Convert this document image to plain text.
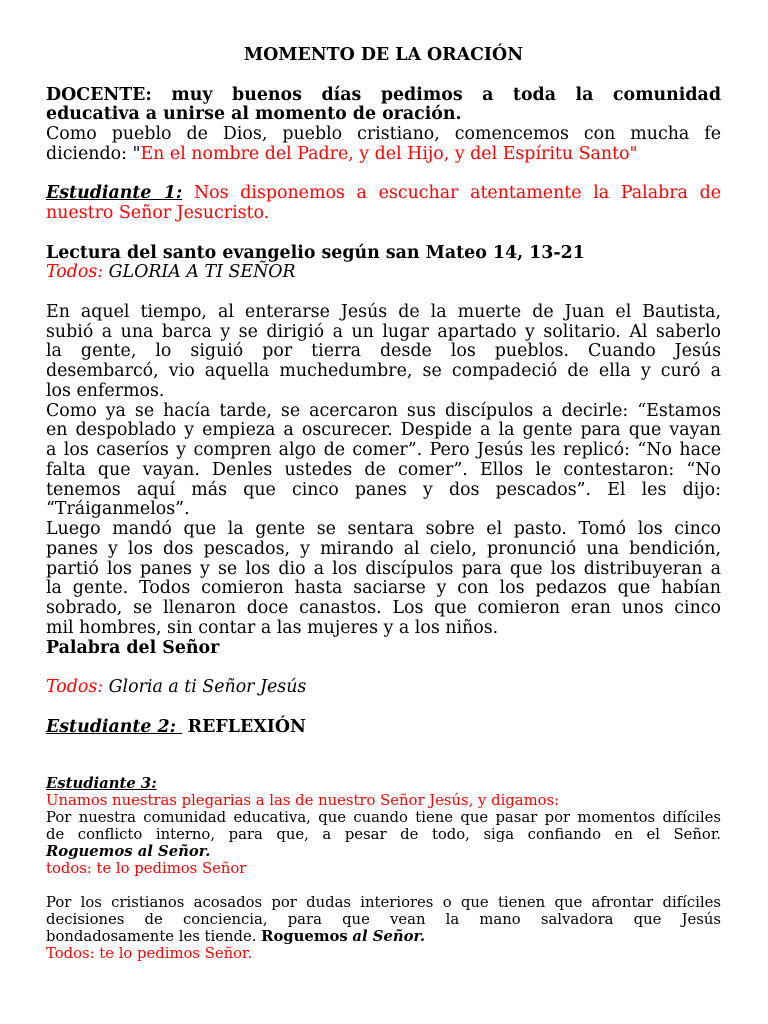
MOMENTO DE LA ORACIÓN
DOCENTE: muy buenos días pedimos a toda la comunidad
educativa a unirse al momento de oración.
Como pueblo de Dios, pueblo cristiano, comencemos con mucha fe
diciendo: "En el nombre del Padre, y del Hijo, y del Espíritu Santo"
Estudiante 1: Nos disponemos a escuchar atentamente la Palabra de
nuestro Señor Jesucristo.
Lectura del santo evangelio según san Mateo 14, 13-21
Todos: GLORIA A TI SEÑOR
En aquel tiempo, al enterarse Jesús de la muerte de Juan el Bautista,
subió a una barca y se dirigió a un lugar apartado y solitario. Al saberlo
la gente, lo siguió por tierra desde los pueblos. Cuando Jesús
desembarcó, vio aquella muchedumbre, se compadeció de ella y curó a
los enfermos.
Como ya se hacía tarde, se acercaron sus discípulos a decirle: “Estamos
en despoblado y empieza a oscurecer. Despide a la gente para que vayan
a los caseríos y compren algo de comer”. Pero Jesús les replicó: “No hace
falta que vayan. Denles ustedes de comer”. Ellos le contestaron: “No
tenemos aquí más que cinco panes y dos pescados”. El les dijo:
“Tráiganmelos”.
Luego mandó que la gente se sentara sobre el pasto. Tomó los cinco
panes y los dos pescados, y mirando al cielo, pronunció una bendición,
partió los panes y se los dio a los discípulos para que los distribuyeran a
la gente. Todos comieron hasta saciarse y con los pedazos que habían
sobrado, se llenaron doce canastos. Los que comieron eran unos cinco
mil hombres, sin contar a las mujeres y a los niños.
Palabra del Señor
Todos: Gloria a ti Señor Jesús
Estudiante 2: REFLEXIÓN
Estudiante 3:
Unamos nuestras plegarias a las de nuestro Señor Jesús, y digamos:
Por nuestra comunidad educativa, que cuando tiene que pasar por momentos difíciles
de conflicto interno, para que, a pesar de todo, siga confiando en el Señor.
Roguemos al Señor.
todos: te lo pedimos Señor
Por los cristianos acosados por dudas interiores o que tienen que afrontar difíciles
decisiones de conciencia, para que vean la mano salvadora que Jesús
bondadosamente les tiende. Roguemos al Señor.
Todos: te lo pedimos Señor.
